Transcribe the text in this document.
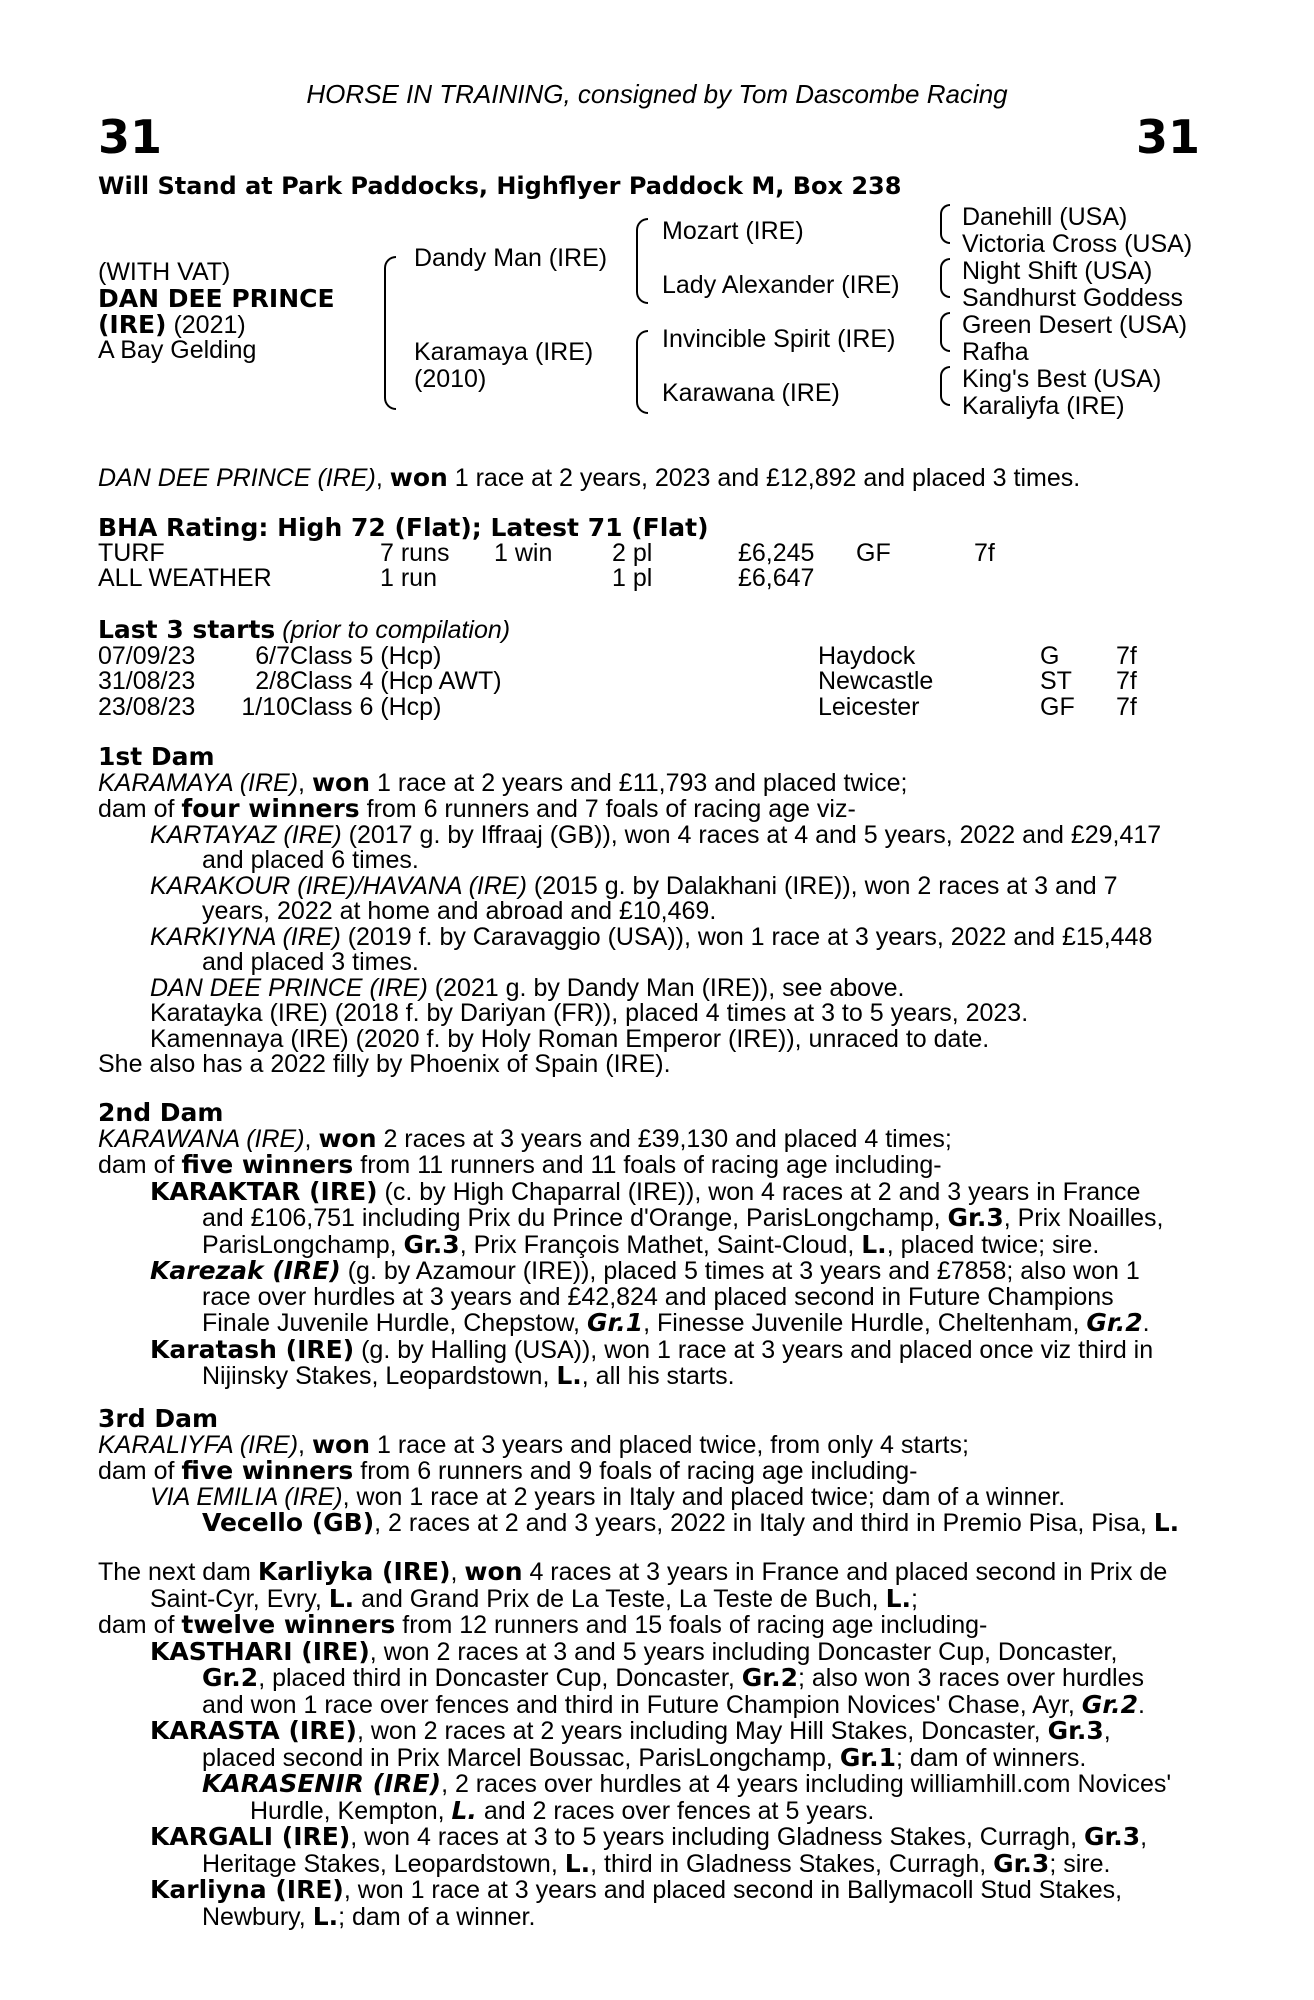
HORSE IN TRAINING, consigned by Tom Dascombe Racing
31	31
Will Stand at Park Paddocks, Highflyer Paddock M, Box 238
(WITH VAT)
DAN DEE PRINCE
(IRE) (2021)
A Bay Gelding
Dandy Man (IRE)
Karamaya (IRE)
(2010)
Mozart (IRE)
Lady Alexander (IRE)
Invincible Spirit (IRE)
Karawana (IRE)
Danehill (USA)
Victoria Cross (USA)
Night Shift (USA)
Sandhurst Goddess
Green Desert (USA)
Rafha
King's Best (USA)
Karaliyfa (IRE)
DAN DEE PRINCE (IRE), won 1 race at 2 years, 2023 and £12,892 and placed 3 times.
BHA Rating: High 72 (Flat); Latest 71 (Flat)
TURF	7 runs 1 win 2 pl	£6,245 GF	7f
ALL WEATHER	1 run	1 pl	£6,647
Last 3 starts (prior to compilation)
07/09/23	6/7 Class 5 (Hcp)	Haydock	G 7f
31/08/23	2/8 Class 4 (Hcp AWT)	Newcastle	ST 7f
23/08/23	1/10 Class 6 (Hcp)	Leicester	GF 7f
1st Dam
KARAMAYA (IRE), won 1 race at 2 years and £11,793 and placed twice;
dam of four winners from 6 runners and 7 foals of racing age viz-
KARTAYAZ (IRE) (2017 g. by Iffraaj (GB)), won 4 races at 4 and 5 years, 2022 and £29,417
and placed 6 times.
KARAKOUR (IRE)/HAVANA (IRE) (2015 g. by Dalakhani (IRE)), won 2 races at 3 and 7
years, 2022 at home and abroad and £10,469.
KARKIYNA (IRE) (2019 f. by Caravaggio (USA)), won 1 race at 3 years, 2022 and £15,448
and placed 3 times.
DAN DEE PRINCE (IRE) (2021 g. by Dandy Man (IRE)), see above.
Karatayka (IRE) (2018 f. by Dariyan (FR)), placed 4 times at 3 to 5 years, 2023.
Kamennaya (IRE) (2020 f. by Holy Roman Emperor (IRE)), unraced to date.
She also has a 2022 filly by Phoenix of Spain (IRE).
2nd Dam
KARAWANA (IRE), won 2 races at 3 years and £39,130 and placed 4 times;
dam of five winners from 11 runners and 11 foals of racing age including-
KARAKTAR (IRE) (c. by High Chaparral (IRE)), won 4 races at 2 and 3 years in France
and £106,751 including Prix du Prince d'Orange, ParisLongchamp, Gr.3, Prix Noailles,
ParisLongchamp, Gr.3, Prix François Mathet, Saint-Cloud, L., placed twice; sire.
Karezak (IRE) (g. by Azamour (IRE)), placed 5 times at 3 years and £7858; also won 1
race over hurdles at 3 years and £42,824 and placed second in Future Champions
Finale Juvenile Hurdle, Chepstow, Gr.1, Finesse Juvenile Hurdle, Cheltenham, Gr.2.
Karatash (IRE) (g. by Halling (USA)), won 1 race at 3 years and placed once viz third in
Nijinsky Stakes, Leopardstown, L., all his starts.
3rd Dam
KARALIYFA (IRE), won 1 race at 3 years and placed twice, from only 4 starts;
dam of five winners from 6 runners and 9 foals of racing age including-
VIA EMILIA (IRE), won 1 race at 2 years in Italy and placed twice; dam of a winner.
Vecello (GB), 2 races at 2 and 3 years, 2022 in Italy and third in Premio Pisa, Pisa, L.
The next dam Karliyka (IRE), won 4 races at 3 years in France and placed second in Prix de
Saint-Cyr, Evry, L. and Grand Prix de La Teste, La Teste de Buch, L.;
dam of twelve winners from 12 runners and 15 foals of racing age including-
KASTHARI (IRE), won 2 races at 3 and 5 years including Doncaster Cup, Doncaster,
Gr.2, placed third in Doncaster Cup, Doncaster, Gr.2; also won 3 races over hurdles
and won 1 race over fences and third in Future Champion Novices' Chase, Ayr, Gr.2.
KARASTA (IRE), won 2 races at 2 years including May Hill Stakes, Doncaster, Gr.3,
placed second in Prix Marcel Boussac, ParisLongchamp, Gr.1; dam of winners.
KARASENIR (IRE), 2 races over hurdles at 4 years including williamhill.com Novices'
Hurdle, Kempton, L. and 2 races over fences at 5 years.
KARGALI (IRE), won 4 races at 3 to 5 years including Gladness Stakes, Curragh, Gr.3,
Heritage Stakes, Leopardstown, L., third in Gladness Stakes, Curragh, Gr.3; sire.
Karliyna (IRE), won 1 race at 3 years and placed second in Ballymacoll Stud Stakes,
Newbury, L.; dam of a winner.
